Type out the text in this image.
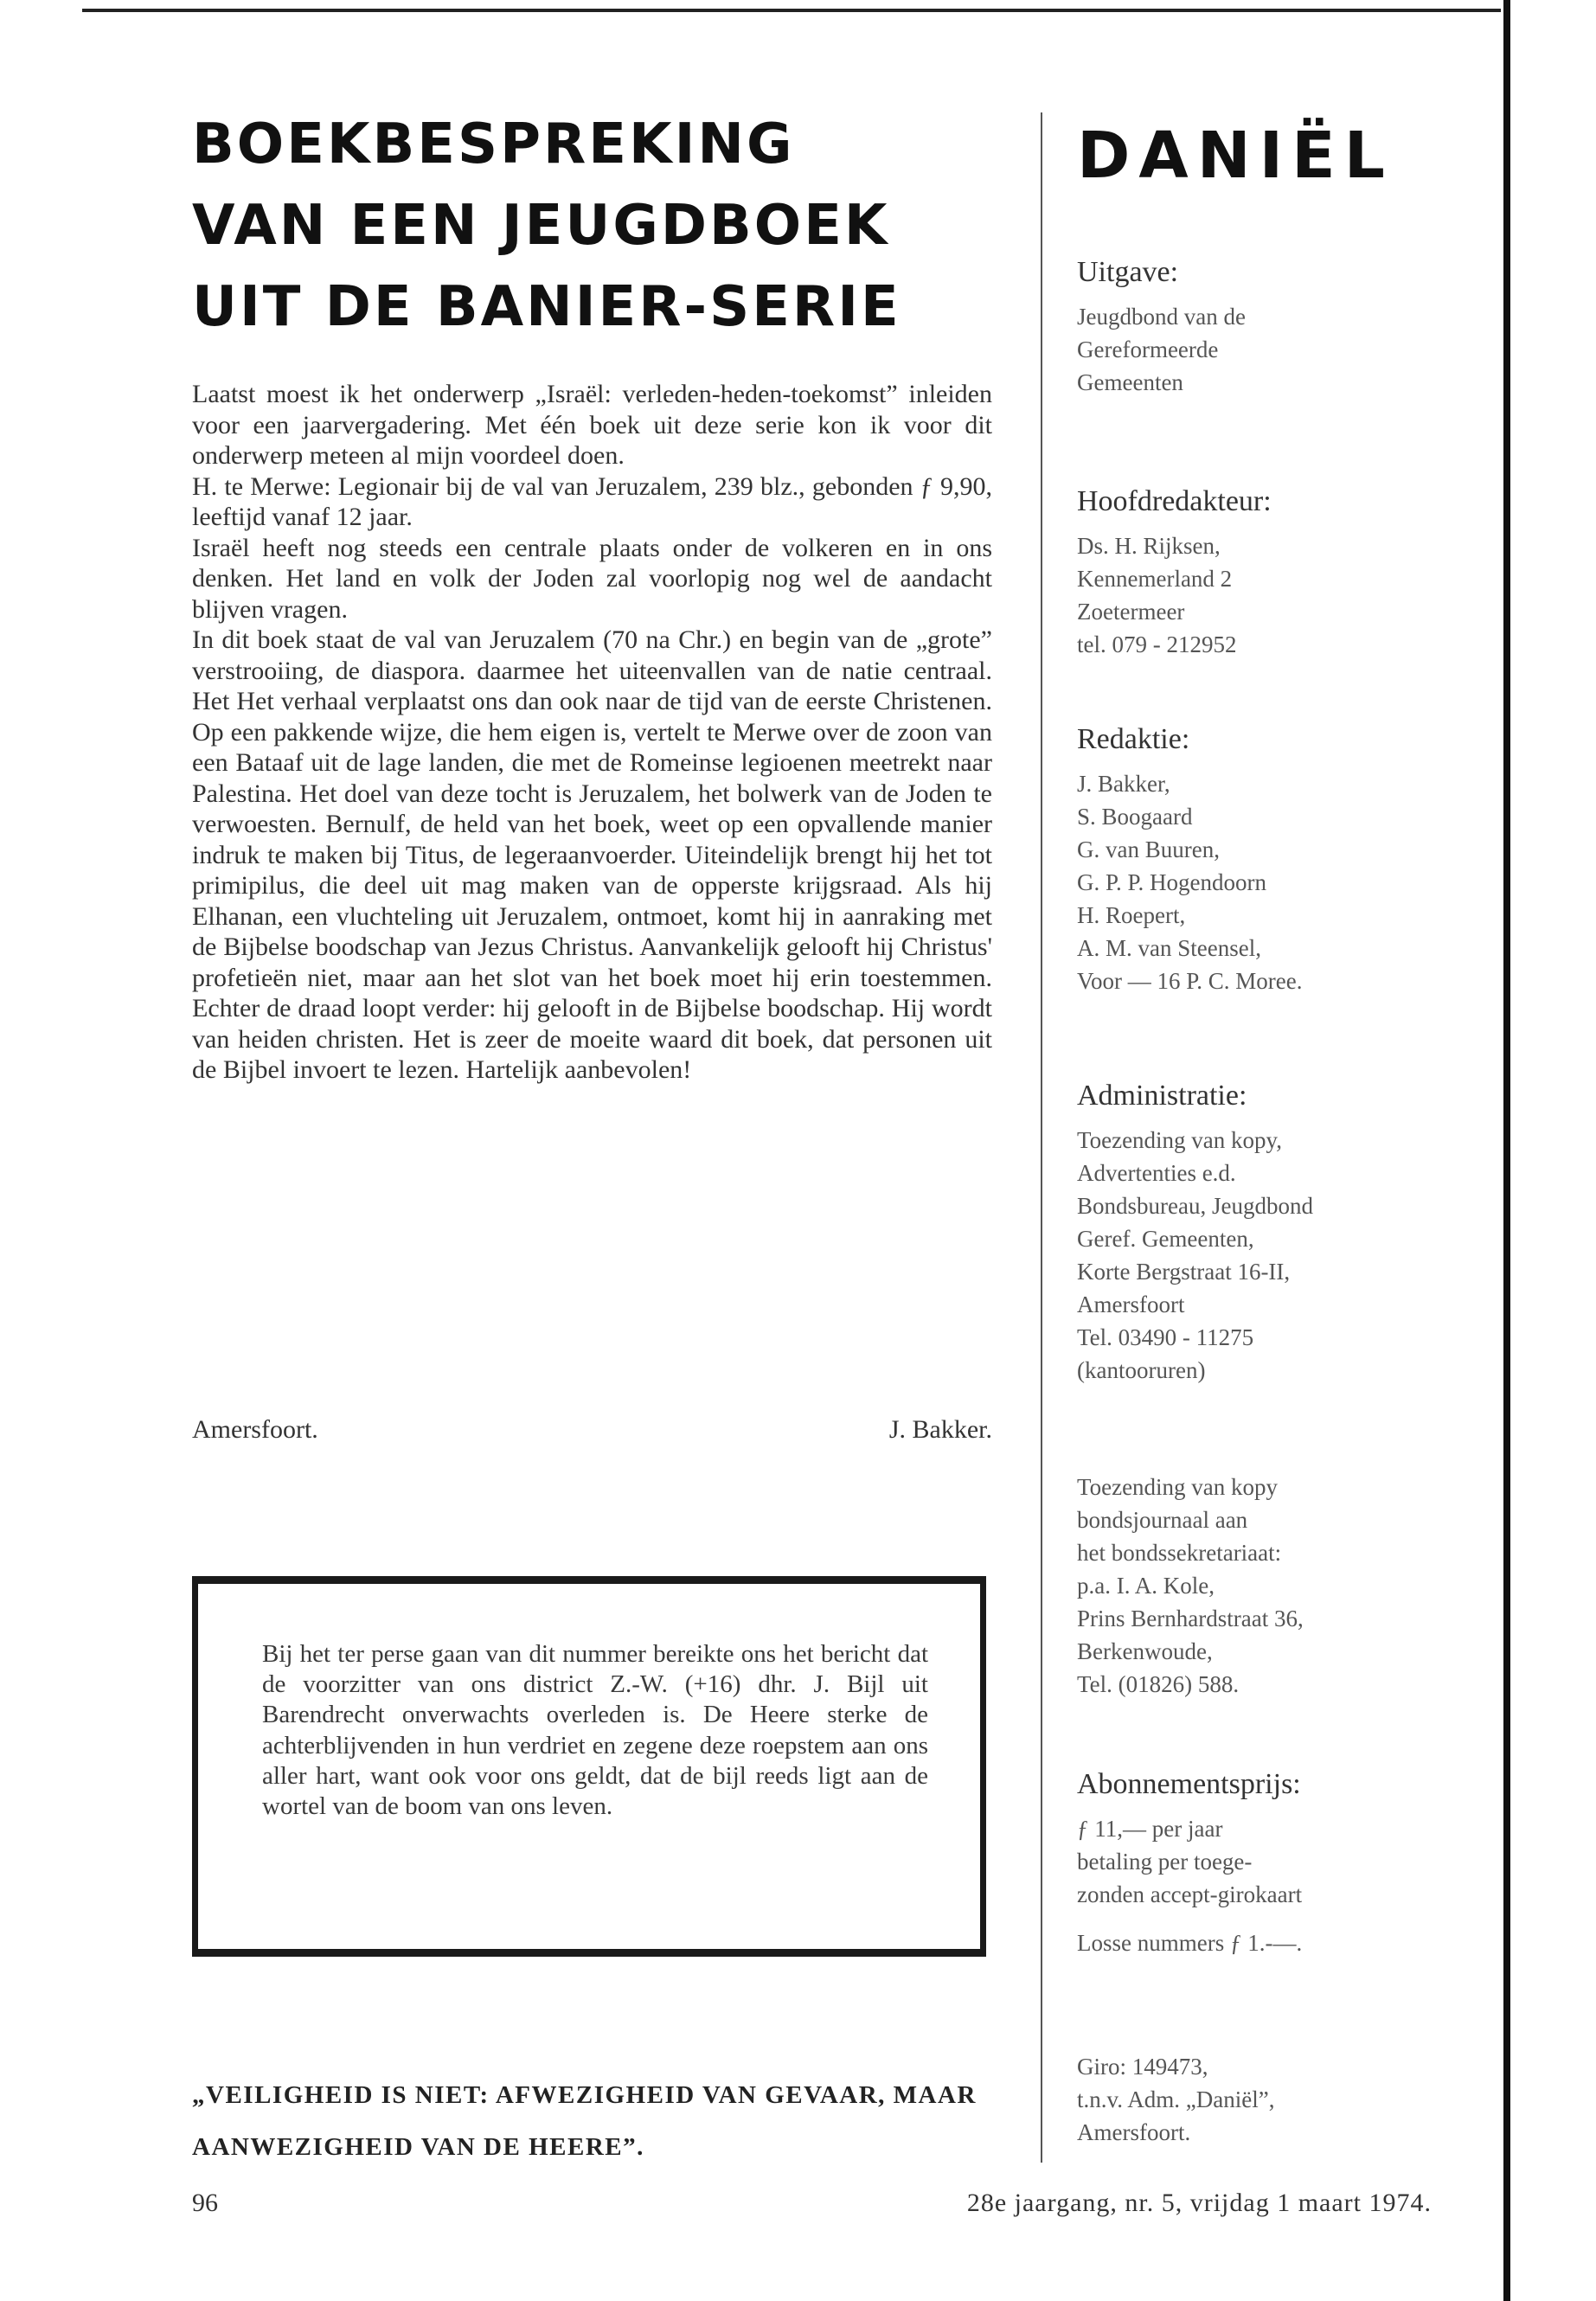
BOEKBESPREKING
VAN EEN JEUGDBOEK
UIT DE BANIER-SERIE

Laatst moest ik het onderwerp „Israël: verleden-heden-toekomst” inleiden voor een jaarvergadering. Met één boek uit deze serie kon ik voor dit onderwerp meteen al mijn voordeel doen.

H. te Merwe: Legionair bij de val van Jeruzalem, 239 blz., gebonden ƒ 9,90, leeftijd vanaf 12 jaar.

Israël heeft nog steeds een centrale plaats onder de volkeren en in ons denken. Het land en volk der Joden zal voorlopig nog wel de aandacht blijven vragen.

In dit boek staat de val van Jeruzalem (70 na Chr.) en begin van de „grote” verstrooiing, de diaspora. daarmee het uiteenvallen van de natie centraal. Het Het verhaal verplaatst ons dan ook naar de tijd van de eerste Christenen. Op een pakkende wijze, die hem eigen is, vertelt te Merwe over de zoon van een Bataaf uit de lage landen, die met de Romeinse legioenen meetrekt naar Palestina. Het doel van deze tocht is Jeruzalem, het bolwerk van de Joden te verwoesten. Bernulf, de held van het boek, weet op een opvallende manier indruk te maken bij Titus, de legeraanvoerder. Uiteindelijk brengt hij het tot primipilus, die deel uit mag maken van de opperste krijgsraad. Als hij Elhanan, een vluchteling uit Jeruzalem, ontmoet, komt hij in aanraking met de Bijbelse boodschap van Jezus Christus. Aanvankelijk gelooft hij Christus' profetieën niet, maar aan het slot van het boek moet hij erin toestemmen. Echter de draad loopt verder: hij gelooft in de Bijbelse boodschap. Hij wordt van heiden christen. Het is zeer de moeite waard dit boek, dat personen uit de Bijbel invoert te lezen. Hartelijk aanbevolen!

Amersfoort.	J. Bakker.
Bij het ter perse gaan van dit nummer bereikte ons het bericht dat de voorzitter van ons district Z.-W. (+16) dhr. J. Bijl uit Barendrecht onverwachts overleden is. De Heere sterke de achterblijvenden in hun verdriet en zegene deze roepstem aan ons aller hart, want ook voor ons geldt, dat de bijl reeds ligt aan de wortel van de boom van ons leven.

„VEILIGHEID IS NIET: AFWEZIGHEID VAN GEVAAR, MAAR AANWEZIGHEID VAN DE HEERE”.

96	28e jaargang, nr. 5, vrijdag 1 maart 1974.
DANIËL
Uitgave:
Jeugdbond van de
Gereformeerde
Gemeenten
Hoofdredakteur:
Ds. H. Rijksen,
Kennemerland 2
Zoetermeer
tel. 079 - 212952
Redaktie:
J. Bakker,
S. Boogaard
G. van Buuren,
G. P. P. Hogendoorn
H. Roepert,
A. M. van Steensel,
Voor — 16 P. C. Moree.
Administratie:
Toezending van kopy,
Advertenties e.d.
Bondsbureau, Jeugdbond
Geref. Gemeenten,
Korte Bergstraat 16-II,
Amersfoort
Tel. 03490 - 11275
(kantooruren)
Toezending van kopy
bondsjournaal aan
het bondssekretariaat:
p.a. I. A. Kole,
Prins Bernhardstraat 36,
Berkenwoude,
Tel. (01826) 588.
Abonnementsprijs:
ƒ 11,— per jaar
betaling per toege-
zonden accept-girokaart
Losse nummers ƒ 1.-—.
Giro: 149473,
t.n.v. Adm. „Daniël”,
Amersfoort.
